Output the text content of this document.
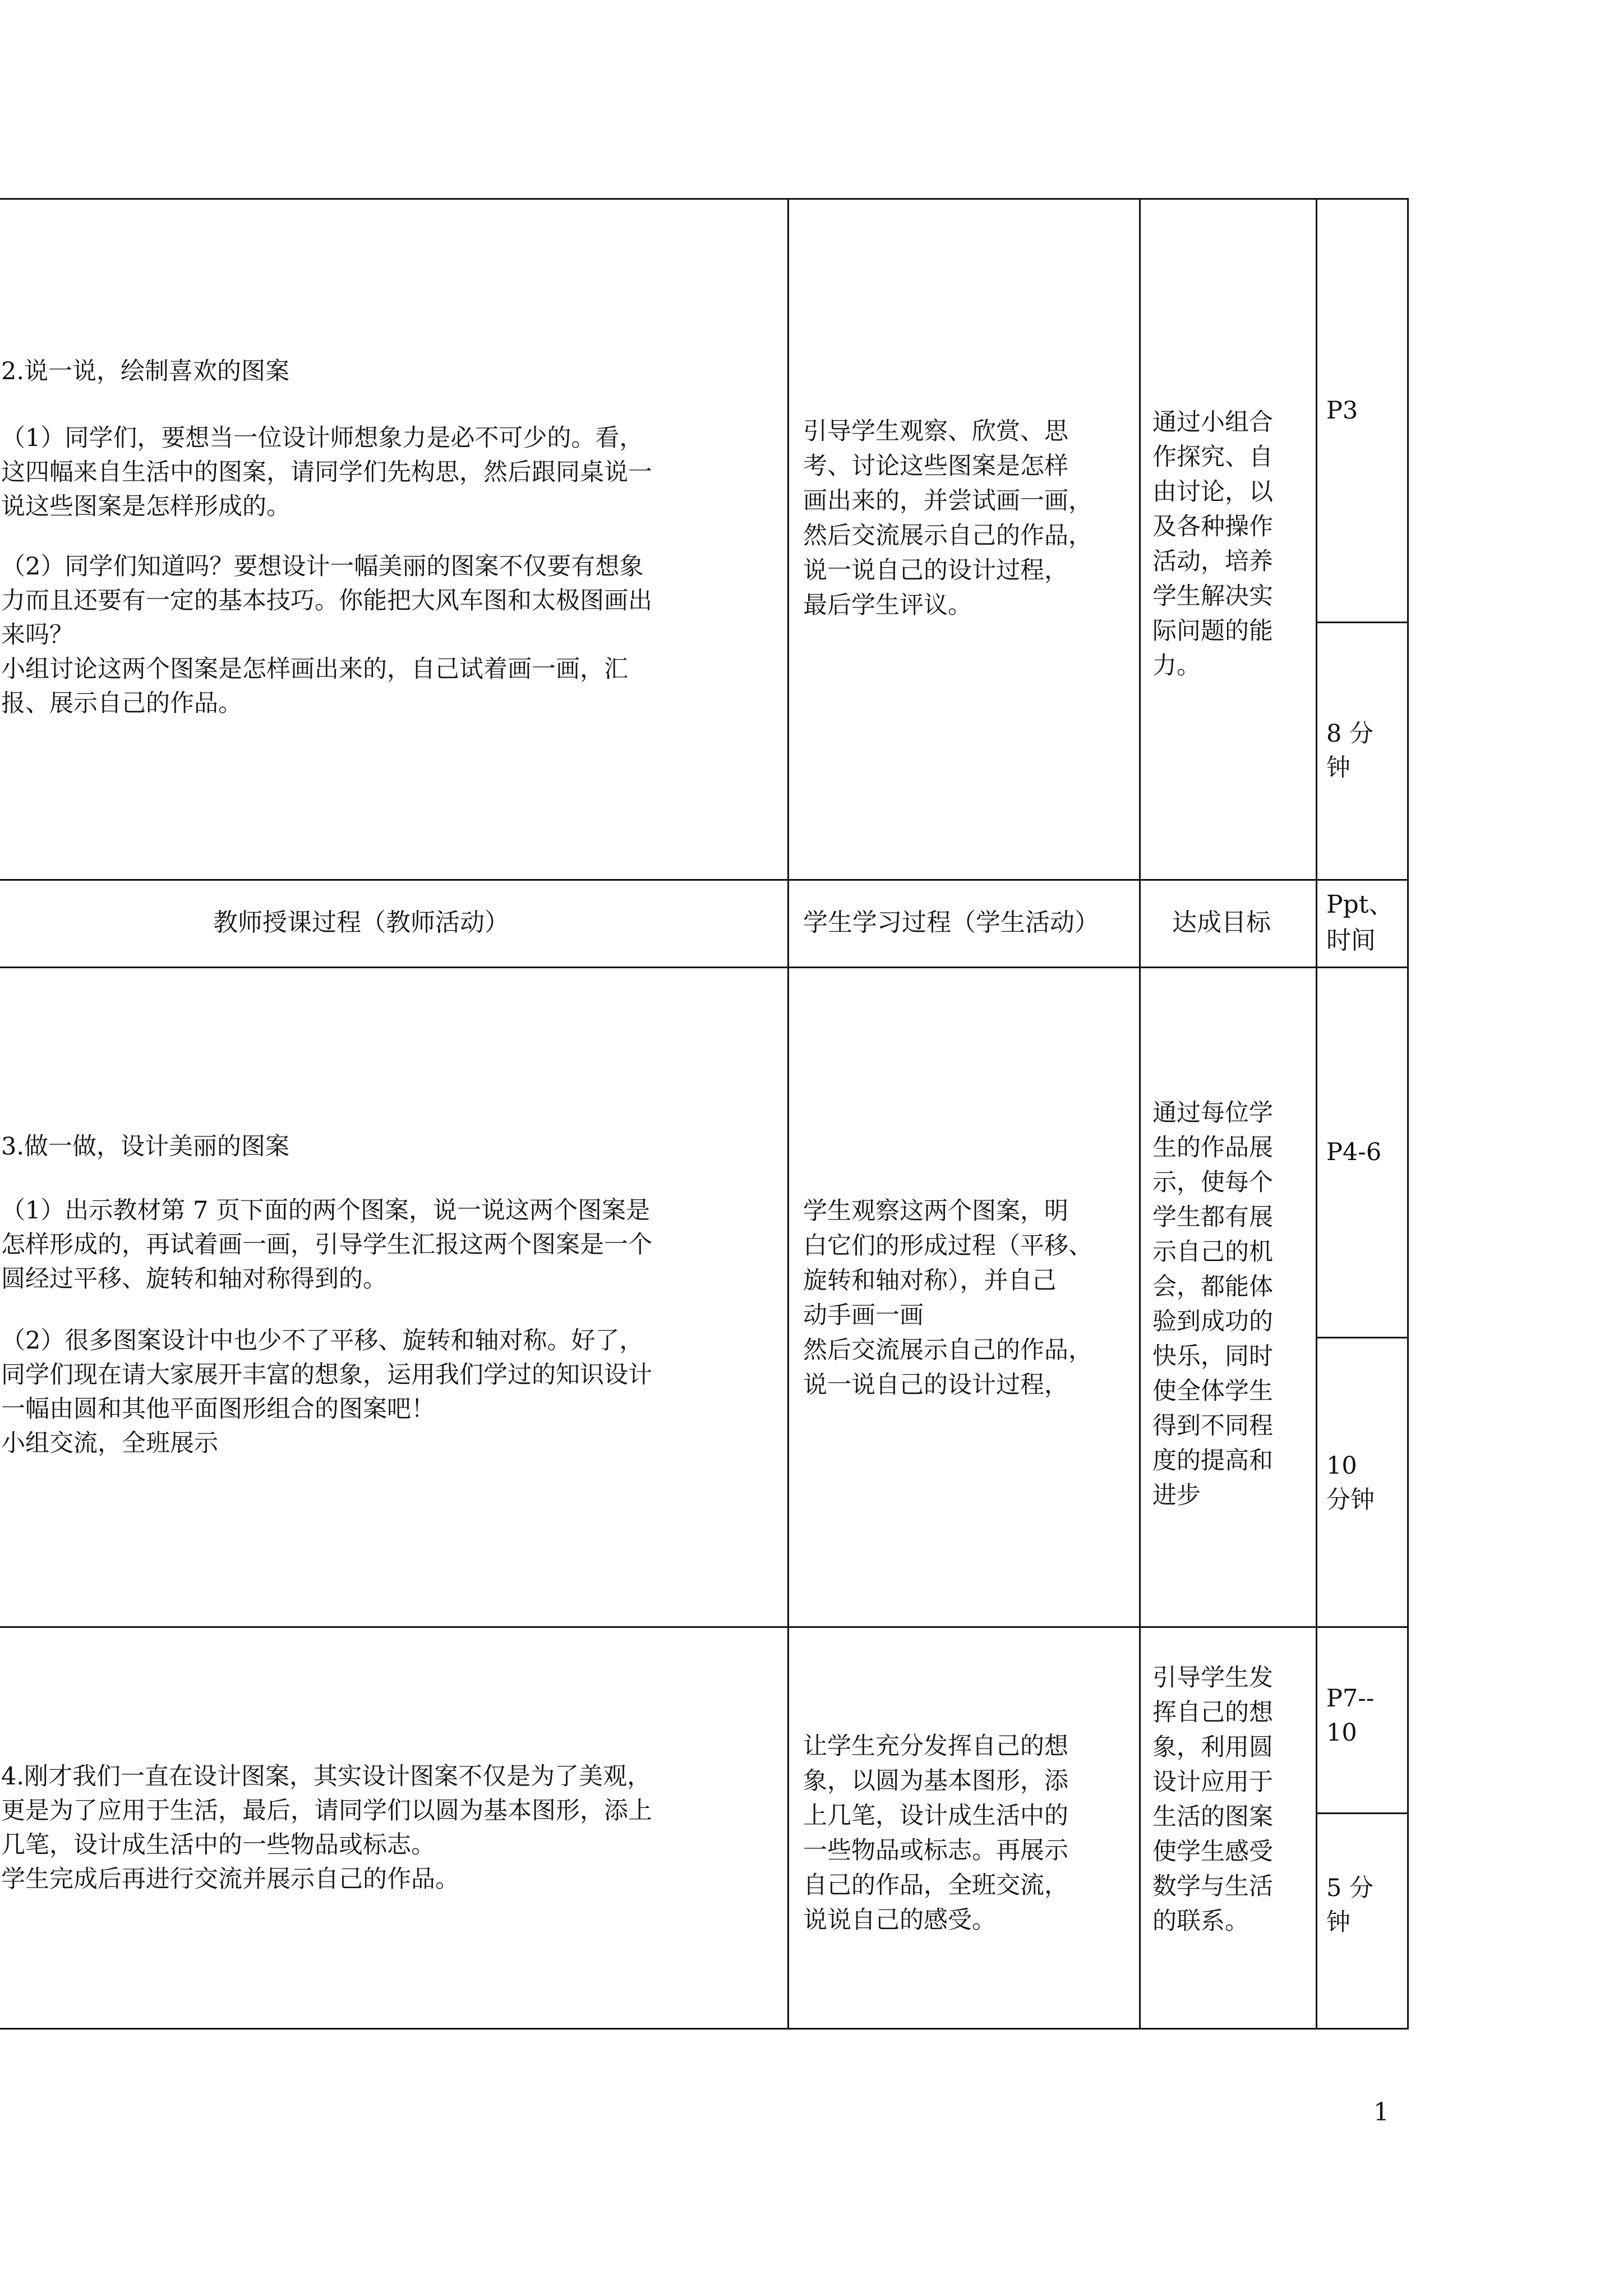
2.说一说，绘制喜欢的图案
（1）同学们，要想当一位设计师想象力是必不可少的。看，
这四幅来自生活中的图案，请同学们先构思，然后跟同桌说一
说这些图案是怎样形成的。
（2）同学们知道吗？要想设计一幅美丽的图案不仅要有想象
力而且还要有一定的基本技巧。你能把大风车图和太极图画出
来吗？
小组讨论这两个图案是怎样画出来的，自己试着画一画，汇
报、展示自己的作品。
引导学生观察、欣赏、思
考、讨论这些图案是怎样
画出来的，并尝试画一画，
然后交流展示自己的作品，
说一说自己的设计过程，
最后学生评议。
通过小组合
作探究、自
由讨论，以
及各种操作
活动，培养
学生解决实
际问题的能
力。
P3
8 分
钟
教师授课过程（教师活动）	学生学习过程（学生活动）	达成目标
Ppt、
时间
3.做一做，设计美丽的图案
（1）出示教材第 7 页下面的两个图案，说一说这两个图案是
怎样形成的，再试着画一画，引导学生汇报这两个图案是一个
圆经过平移、旋转和轴对称得到的。
（2）很多图案设计中也少不了平移、旋转和轴对称。好了，
同学们现在请大家展开丰富的想象，运用我们学过的知识设计
一幅由圆和其他平面图形组合的图案吧！
小组交流，全班展示
学生观察这两个图案，明
白它们的形成过程（平移、
旋转和轴对称），并自己
动手画一画
然后交流展示自己的作品，
说一说自己的设计过程，
通过每位学
生的作品展
示，使每个
学生都有展
示自己的机
会，都能体
验到成功的
快乐，同时
使全体学生
得到不同程
度的提高和
进步
P4-6
10
分钟
4.刚才我们一直在设计图案，其实设计图案不仅是为了美观，
更是为了应用于生活，最后，请同学们以圆为基本图形，添上
几笔，设计成生活中的一些物品或标志。
学生完成后再进行交流并展示自己的作品。
让学生充分发挥自己的想
象，以圆为基本图形，添
上几笔，设计成生活中的
一些物品或标志。再展示
自己的作品，全班交流，
说说自己的感受。
引导学生发
挥自己的想
象，利用圆
设计应用于
生活的图案
使学生感受
数学与生活
的联系。
P7--
10
5 分
钟
1
